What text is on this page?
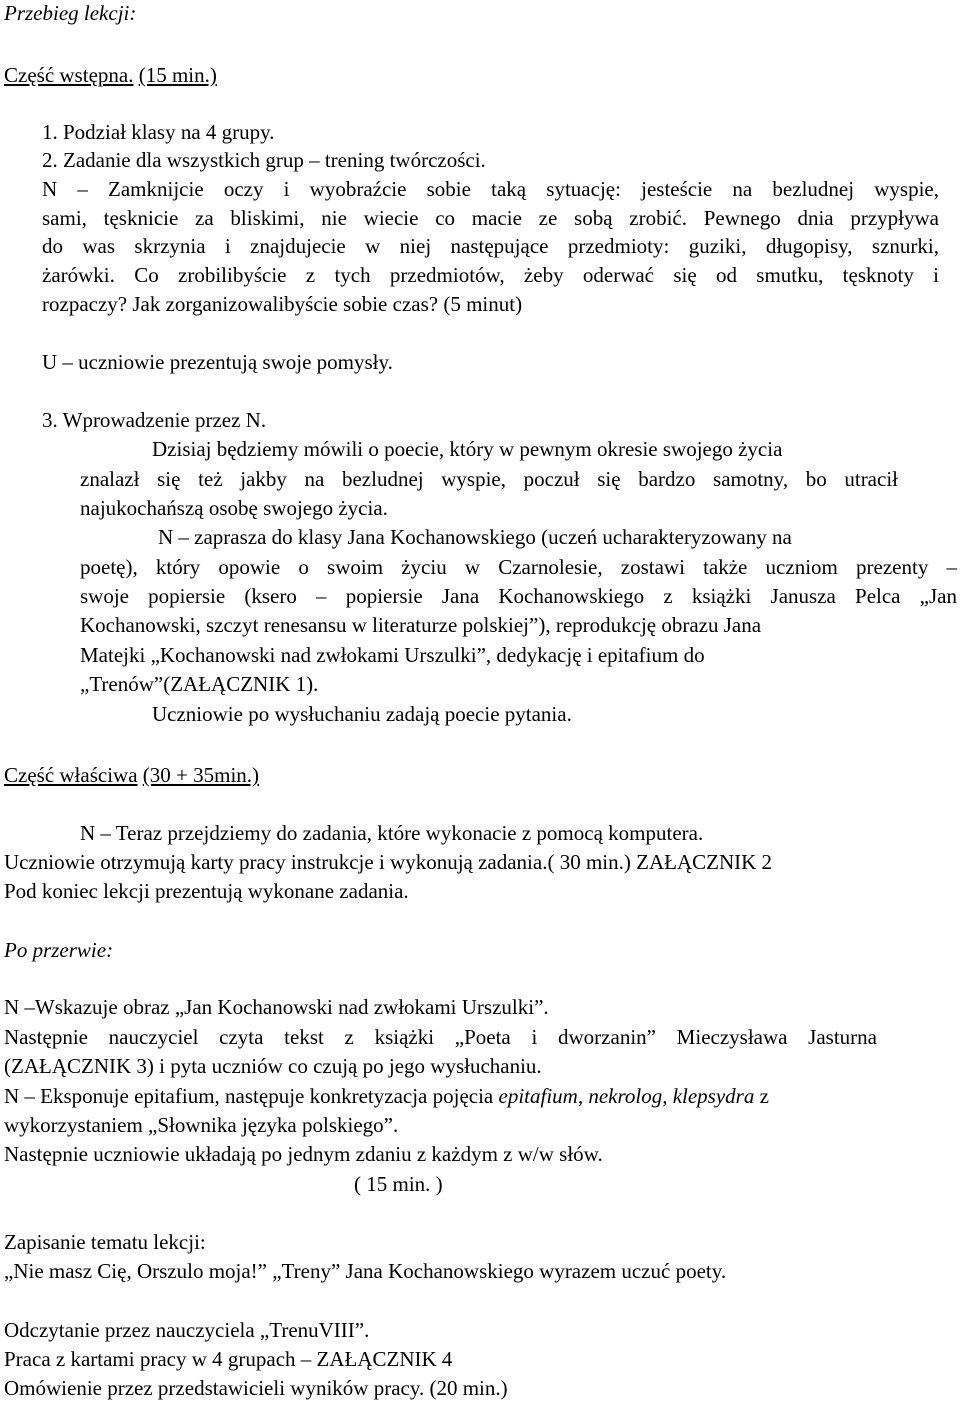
Przebieg lekcji:

Część wstępna. (15 min.)

1. Podział klasy na 4 grupy.

2. Zadanie dla wszystkich grup – trening twórczości.

N – Zamknijcie oczy i wyobraźcie sobie taką sytuację: jesteście na bezludnej wyspie,

sami, tęsknicie za bliskimi, nie wiecie co macie ze sobą zrobić. Pewnego dnia przypływa

do was skrzynia i znajdujecie w niej następujące przedmioty: guziki, długopisy, sznurki,

żarówki. Co zrobilibyście z tych przedmiotów, żeby oderwać się od smutku, tęsknoty i

rozpaczy? Jak zorganizowalibyście sobie czas? (5 minut)

U – uczniowie prezentują swoje pomysły.

3. Wprowadzenie przez N.

Dzisiaj będziemy mówili o poecie, który w pewnym okresie swojego życia

znalazł się też jakby na bezludnej wyspie, poczuł się bardzo samotny, bo utracił

najukochańszą osobę swojego życia.

N – zaprasza do klasy Jana Kochanowskiego (uczeń ucharakteryzowany na

poetę), który opowie o swoim życiu w Czarnolesie, zostawi także uczniom prezenty –

swoje popiersie (ksero – popiersie Jana Kochanowskiego z książki Janusza Pelca „Jan

Kochanowski, szczyt renesansu w literaturze polskiej”), reprodukcję obrazu Jana

Matejki „Kochanowski nad zwłokami Urszulki”, dedykację i epitafium do

„Trenów”(ZAŁĄCZNIK 1).

Uczniowie po wysłuchaniu zadają poecie pytania.

Część właściwa (30 + 35min.)

N – Teraz przejdziemy do zadania, które wykonacie z pomocą komputera.

Uczniowie otrzymują karty pracy instrukcje i wykonują zadania.( 30 min.) ZAŁĄCZNIK 2

Pod koniec lekcji prezentują wykonane zadania.

Po przerwie:

N –Wskazuje obraz „Jan Kochanowski nad zwłokami Urszulki”.

Następnie nauczyciel czyta tekst z książki „Poeta i dworzanin” Mieczysława Jasturna

(ZAŁĄCZNIK 3) i pyta uczniów co czują po jego wysłuchaniu.

N – Eksponuje epitafium, następuje konkretyzacja pojęcia epitafium, nekrolog, klepsydra z

wykorzystaniem „Słownika języka polskiego”.

Następnie uczniowie układają po jednym zdaniu z każdym z w/w słów.

( 15 min. )

Zapisanie tematu lekcji:

„Nie masz Cię, Orszulo moja!” „Treny” Jana Kochanowskiego wyrazem uczuć poety.

Odczytanie przez nauczyciela „TrenuVIII”.

Praca z kartami pracy w 4 grupach – ZAŁĄCZNIK 4

Omówienie przez przedstawicieli wyników pracy. (20 min.)
